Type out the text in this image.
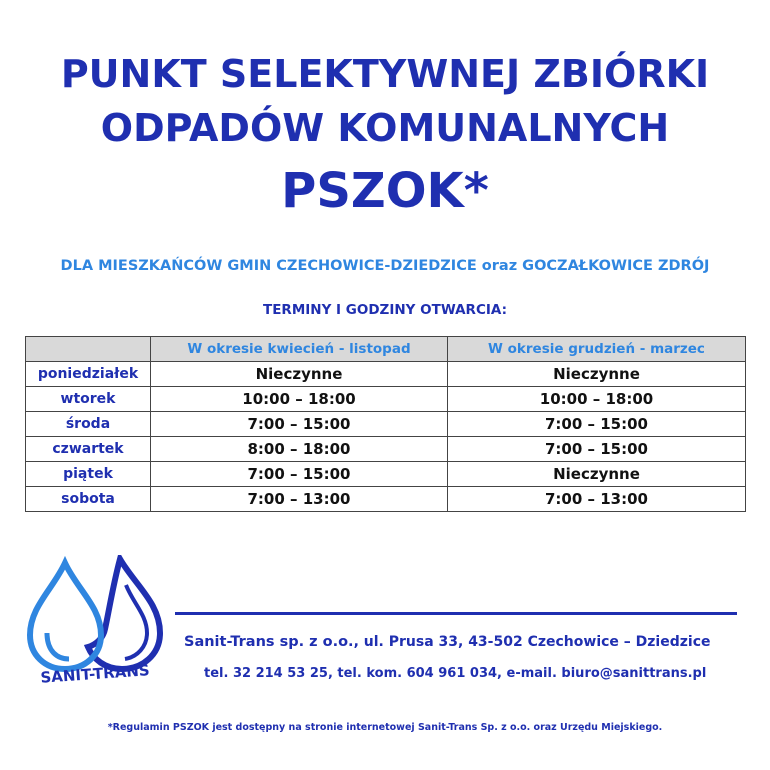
PUNKT SELEKTYWNEJ ZBIÓRKI
ODPADÓW KOMUNALNYCH
PSZOK*
DLA MIESZKAŃCÓW GMIN CZECHOWICE-DZIEDZICE oraz GOCZAŁKOWICE ZDRÓJ
TERMINY I GODZINY OTWARCIA:
	W okresie kwiecień - listopad	W okresie grudzień - marzec
poniedziałek	Nieczynne	Nieczynne
wtorek	10:00 – 18:00	10:00 – 18:00
środa	7:00 – 15:00	7:00 – 15:00
czwartek	8:00 – 18:00	7:00 – 15:00
piątek	7:00 – 15:00	Nieczynne
sobota	7:00 – 13:00	7:00 – 13:00
SANIT-TRANS
Sanit-Trans sp. z o.o., ul. Prusa 33, 43-502 Czechowice – Dziedzice
tel. 32 214 53 25, tel. kom. 604 961 034, e-mail. biuro@sanittrans.pl
*Regulamin PSZOK jest dostępny na stronie internetowej Sanit-Trans Sp. z o.o. oraz Urzędu Miejskiego.
